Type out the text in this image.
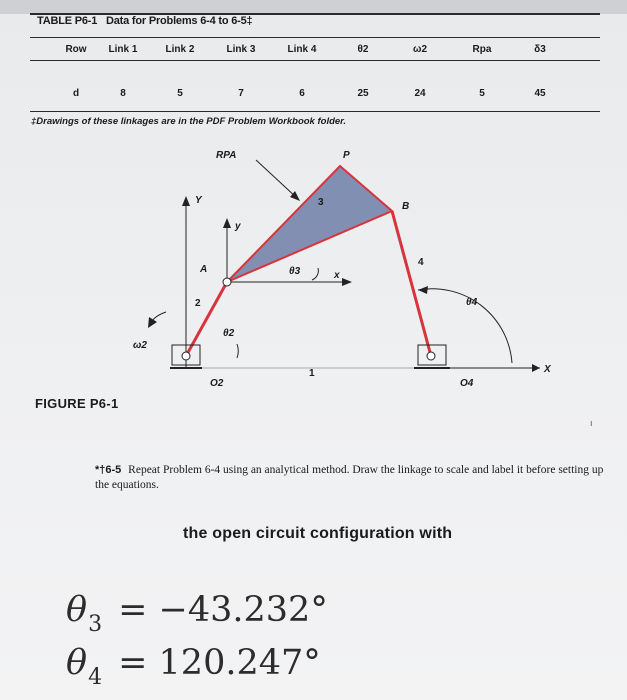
TABLE P6-1 Data for Problems 6-4 to 6-5‡
Row Link 1	Link 2	Link 3	Link 4	θ2	ω2	Rpa	δ3
d	8	5	7	6	25	24	5	45
‡Drawings of these linkages are in the PDF Problem Workbook folder.
RPA	P
3	B
Y
y
A	θ3	x
4
θ4
2
ω2
θ2
1	X
O2	O4
FIGURE P6-1
ı
*†6-5 Repeat Problem 6-4 using an analytical method. Draw the linkage to scale and label it before setting up the equations.
the open circuit configuration with
$\theta_3 = -43.232^\circ$
$\theta_4 = 120.247^\circ$
